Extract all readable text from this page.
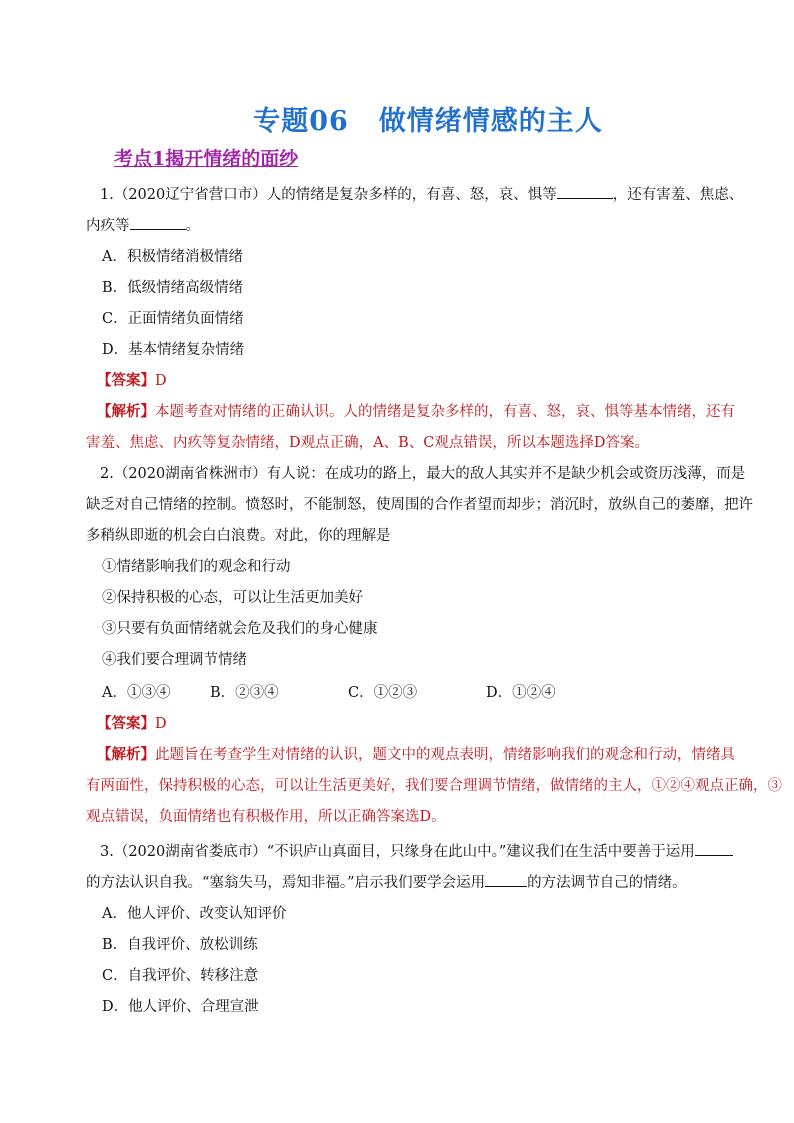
专题06 做情绪情感的主人
考点1揭开情绪的面纱
1.（2020辽宁省营口市）人的情绪是复杂多样的，有喜、怒，哀、惧等	，还有害羞、焦虑、
内疚等	。
A．积极情绪消极情绪
B．低级情绪高级情绪
C．正面情绪负面情绪
D．基本情绪复杂情绪
【答案】D
【解析】本题考查对情绪的正确认识。人的情绪是复杂多样的，有喜、怒，哀、惧等基本情绪，还有
害羞、焦虑、内疚等复杂情绪，D观点正确，A、B、C观点错误，所以本题选择D答案。
2.（2020湖南省株洲市）有人说：在成功的路上，最大的敌人其实并不是缺少机会或资历浅薄，而是
缺乏对自己情绪的控制。愤怒时，不能制怒，使周围的合作者望而却步；消沉时，放纵自己的萎靡，把许
多稍纵即逝的机会白白浪费。对此，你的理解是
①情绪影响我们的观念和行动
②保持积极的心态，可以让生活更加美好
③只要有负面情绪就会危及我们的身心健康
④我们要合理调节情绪
A．①③④	B．②③④	C．①②③	D．①②④
【答案】D
【解析】此题旨在考查学生对情绪的认识，题文中的观点表明，情绪影响我们的观念和行动，情绪具
有两面性，保持积极的心态，可以让生活更美好，我们要合理调节情绪，做情绪的主人，①②④观点正确，③
观点错误，负面情绪也有积极作用，所以正确答案选D。
3.（2020湖南省娄底市）“不识庐山真面目，只缘身在此山中。”建议我们在生活中要善于运用
的方法认识自我。“塞翁失马，焉知非福。”启示我们要学会运用	的方法调节自己的情绪。
A．他人评价、改变认知评价
B．自我评价、放松训练
C．自我评价、转移注意
D．他人评价、合理宣泄
